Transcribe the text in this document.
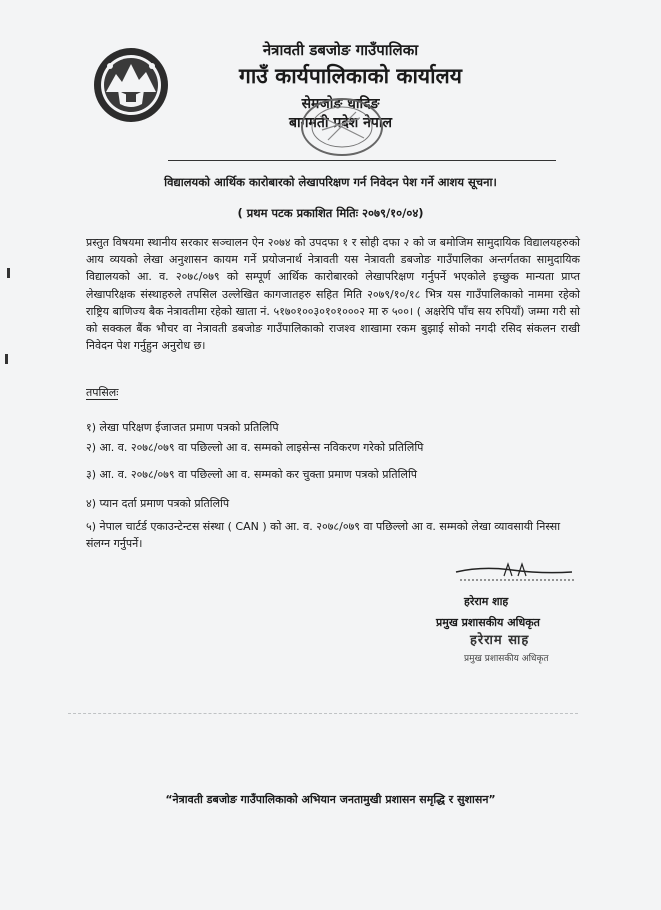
नेत्रावती डबजोङ गाउँपालिका
गाउँ कार्यपालिकाको कार्यालय
सेमजोङ धादिङ
बागमती प्रदेश नेपाल
विद्यालयको आर्थिक कारोबारको लेखापरिक्षण गर्न निवेदन पेश गर्ने आशय सूचना।
( प्रथम पटक प्रकाशित मितिः २०७९/१०/०४)
प्रस्तुत विषयमा स्थानीय सरकार सञ्चालन ऐन २०७४ को उपदफा १ र सोही दफा २ को ज बमोजिम सामुदायिक विद्यालयहरुको आय व्ययको लेखा अनुशासन कायम गर्ने प्रयोजनार्थ नेत्रावती यस नेत्रावती डबजोङ गाउँपालिका अन्तर्गतका सामुदायिक विद्यालयको आ. व. २०७८/०७९ को सम्पूर्ण आर्थिक कारोबारको लेखापरिक्षण गर्नुपर्ने भएकोले इच्छुक मान्यता प्राप्त लेखापरिक्षक संस्थाहरुले तपसिल उल्लेखित कागजातहरु सहित मिति २०७९/१०/१८ भित्र यस गाउँपालिकाको नाममा रहेको राष्ट्रिय बाणिज्य बैक नेत्रावतीमा रहेको खाता नं. ५१७०१००३०१०१०००२ मा रु ५००। ( अक्षरेपि पाँच सय रुपियाँ) जम्मा गरी सो को सक्कल बैंक भौचर वा नेत्रावती डबजोङ गाउँपालिकाको राजश्व शाखामा रकम बुझाई सोको नगदी रसिद संकलन राखी निवेदन पेश गर्नुहुन अनुरोध छ।
तपसिलः
१) लेखा परिक्षण ईजाजत प्रमाण पत्रको प्रतिलिपि
२) आ. व. २०७८/०७९ वा पछिल्लो आ व. सम्मको लाइसेन्स नविकरण गरेको प्रतिलिपि
३) आ. व. २०७८/०७९ वा पछिल्लो आ व. सम्मको कर चुक्ता प्रमाण पत्रको प्रतिलिपि
४) प्यान दर्ता प्रमाण पत्रको प्रतिलिपि
५) नेपाल चार्टर्ड एकाउन्टेन्टस संस्था ( CAN ) को आ. व. २०७८/०७९ वा पछिल्लो आ व. सम्मको लेखा व्यावसायी निस्सा संलग्न गर्नुपर्ने।
हरेराम शाह
प्रमुख प्रशासकीय अधिकृत
हरेराम साह
प्रमुख प्रशासकीय अधिकृत
“नेत्रावती डबजोङ गाउँपालिकाको अभियान जनतामुखी प्रशासन समृद्धि र सुशासन”
